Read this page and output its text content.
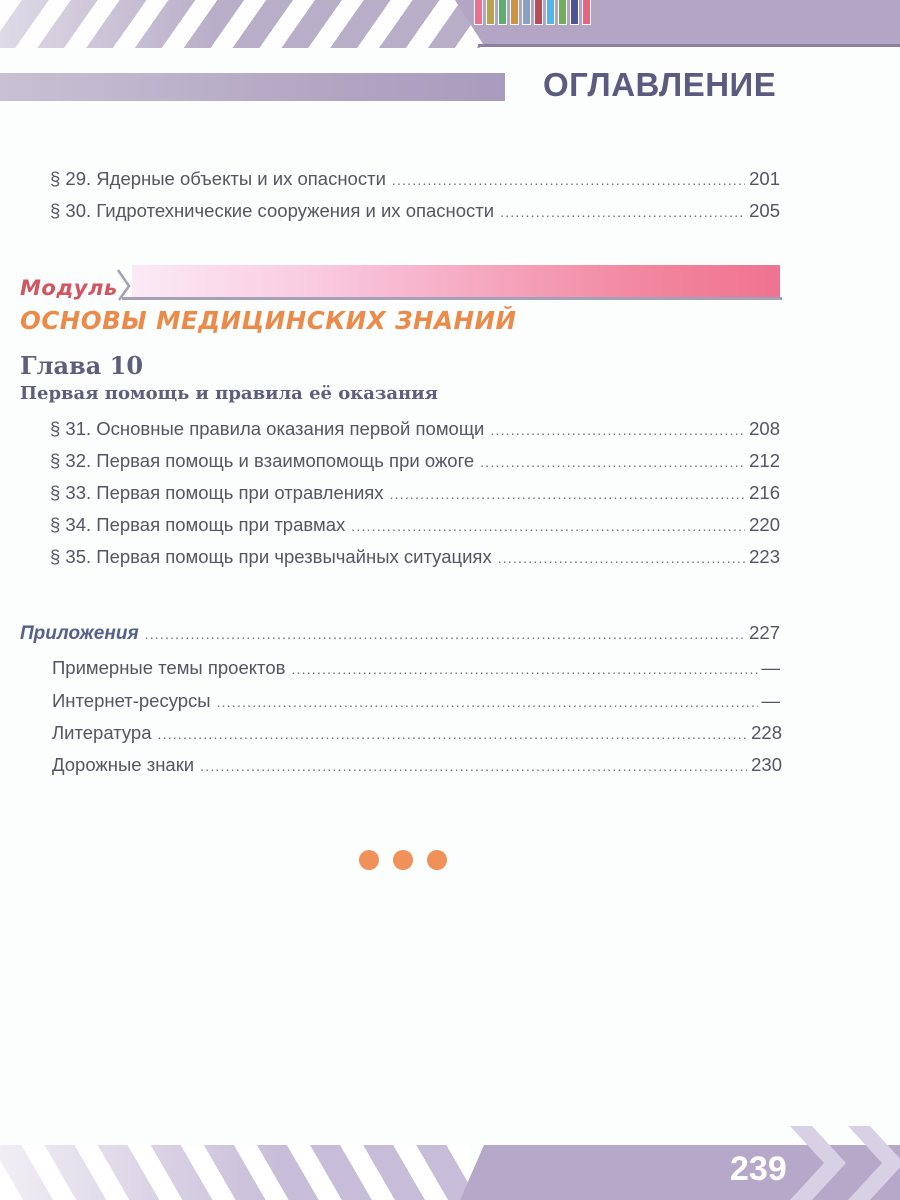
ОГЛАВЛЕНИЕ
§ 29. Ядерные объекты и их опасности .....	201
§ 30. Гидротехнические сооружения и их опасности .....	205
Модуль
ОСНОВЫ МЕДИЦИНСКИХ ЗНАНИЙ
Глава 10
Первая помощь и правила её оказания
§ 31. Основные правила оказания первой помощи .....	208
§ 32. Первая помощь и взаимопомощь при ожоге .....	212
§ 33. Первая помощь при отравлениях .....	216
§ 34. Первая помощь при травмах .....	220
§ 35. Первая помощь при чрезвычайных ситуациях .....	223
Приложения .....	227
Примерные темы проектов .....	—
Интернет-ресурсы .....	—
Литература .....	228
Дорожные знаки .....	230
239
